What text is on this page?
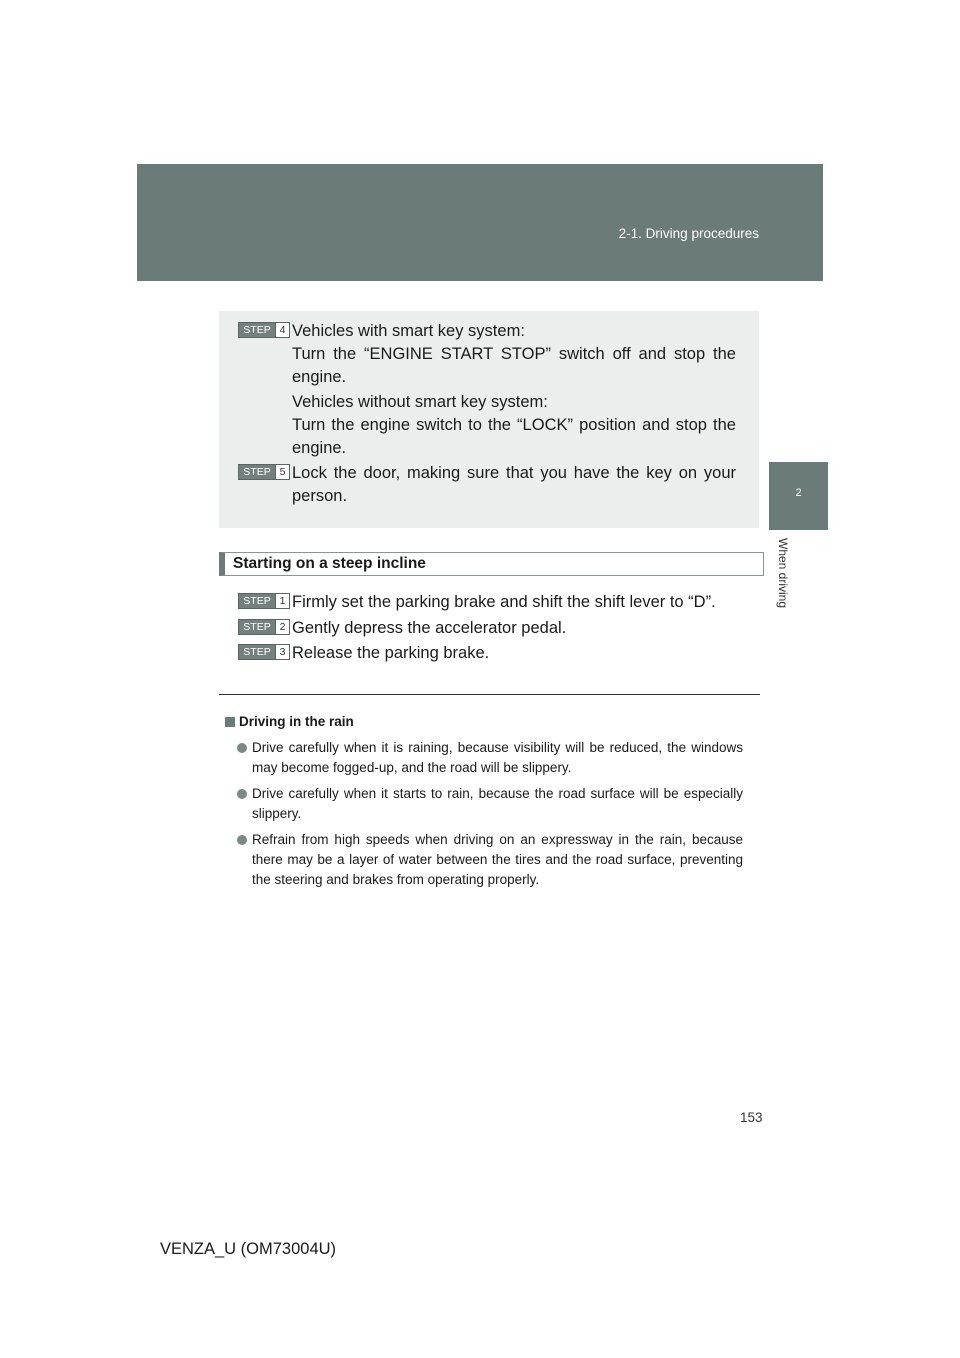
2-1. Driving procedures
2
When driving
STEP 4 Vehicles with smart key system:

Turn the “ENGINE START STOP” switch off and stop the engine.

Vehicles without smart key system:

Turn the engine switch to the “LOCK” position and stop the engine.

STEP 5 Lock the door, making sure that you have the key on your person.

Starting on a steep incline
STEP 1 Firmly set the parking brake and shift the shift lever to “D”.
STEP 2 Gently depress the accelerator pedal.
STEP 3 Release the parking brake.
Driving in the rain
Drive carefully when it is raining, because visibility will be reduced, the windows may become fogged-up, and the road will be slippery.
Drive carefully when it starts to rain, because the road surface will be especially slippery.
Refrain from high speeds when driving on an expressway in the rain, because there may be a layer of water between the tires and the road surface, preventing the steering and brakes from operating properly.
153
VENZA_U (OM73004U)
